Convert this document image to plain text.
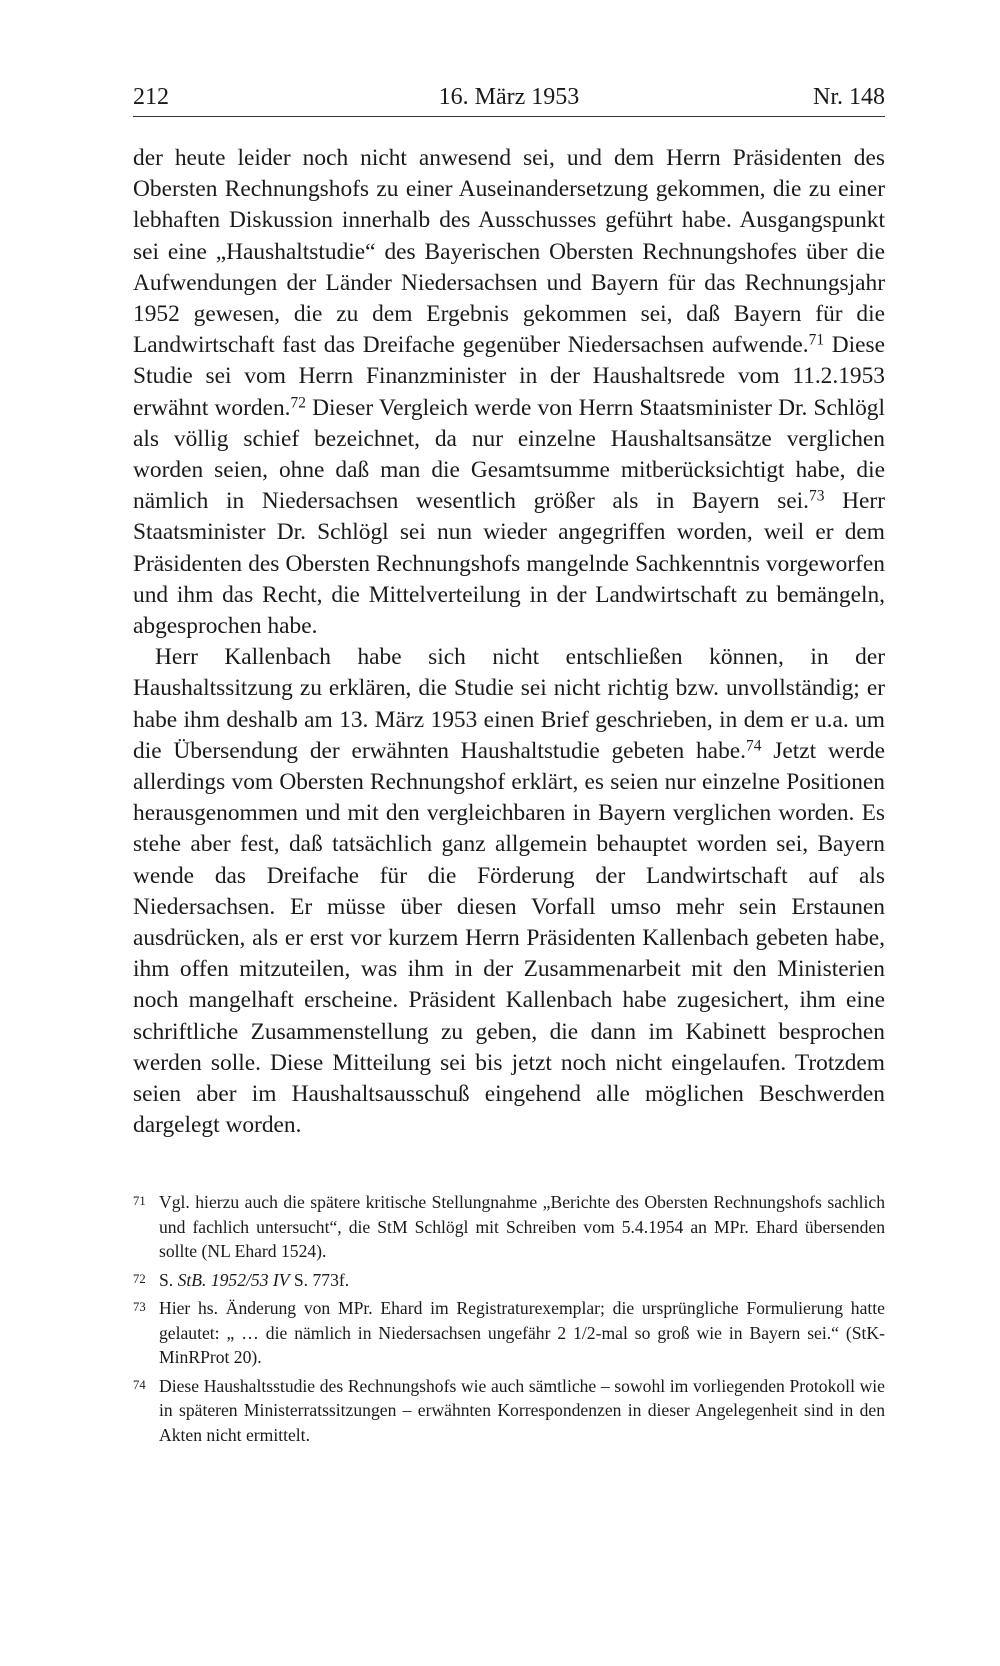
212	16. März 1953	Nr. 148

der heute leider noch nicht anwesend sei, und dem Herrn Präsidenten des Obersten Rechnungshofs zu einer Auseinandersetzung gekommen, die zu einer lebhaften Diskussion innerhalb des Ausschusses geführt habe. Ausgangspunkt sei eine „Haushaltstudie“ des Bayerischen Obersten Rechnungshofes über die Aufwendungen der Länder Niedersachsen und Bayern für das Rechnungsjahr 1952 gewesen, die zu dem Ergebnis gekommen sei, daß Bayern für die Landwirtschaft fast das Dreifache gegenüber Niedersachsen aufwende.$^{71}$ Diese Studie sei vom Herrn Finanzminister in der Haushaltsrede vom 11.2.1953 erwähnt worden.$^{72}$ Dieser Vergleich werde von Herrn Staatsminister Dr. Schlögl als völlig schief bezeichnet, da nur einzelne Haushaltsansätze verglichen worden seien, ohne daß man die Gesamtsumme mitberücksichtigt habe, die nämlich in Niedersachsen wesentlich größer als in Bayern sei.$^{73}$ Herr Staatsminister Dr. Schlögl sei nun wieder angegriffen worden, weil er dem Präsidenten des Obersten Rechnungshofs mangelnde Sachkenntnis vorgeworfen und ihm das Recht, die Mittelverteilung in der Landwirtschaft zu bemängeln, abgesprochen habe.

Herr Kallenbach habe sich nicht entschließen können, in der Haushaltssitzung zu erklären, die Studie sei nicht richtig bzw. unvollständig; er habe ihm deshalb am 13. März 1953 einen Brief geschrieben, in dem er u.a. um die Übersendung der erwähnten Haushaltstudie gebeten habe.$^{74}$ Jetzt werde allerdings vom Obersten Rechnungshof erklärt, es seien nur einzelne Positionen herausgenommen und mit den vergleichbaren in Bayern verglichen worden. Es stehe aber fest, daß tatsächlich ganz allgemein behauptet worden sei, Bayern wende das Dreifache für die Förderung der Landwirtschaft auf als Niedersachsen. Er müsse über diesen Vorfall umso mehr sein Erstaunen ausdrücken, als er erst vor kurzem Herrn Präsidenten Kallenbach gebeten habe, ihm offen mitzuteilen, was ihm in der Zusammenarbeit mit den Ministerien noch mangelhaft erscheine. Präsident Kallenbach habe zugesichert, ihm eine schriftliche Zusammenstellung zu geben, die dann im Kabinett besprochen werden solle. Diese Mitteilung sei bis jetzt noch nicht eingelaufen. Trotzdem seien aber im Haushaltsausschuß eingehend alle möglichen Beschwerden dargelegt worden.

71 Vgl. hierzu auch die spätere kritische Stellungnahme „Berichte des Obersten Rechnungshofs sachlich und fachlich untersucht“, die StM Schlögl mit Schreiben vom 5.4.1954 an MPr. Ehard übersenden sollte (NL Ehard 1524).
72 S. StB. 1952/53 IV S. 773f.
73 Hier hs. Änderung von MPr. Ehard im Registraturexemplar; die ursprüngliche Formulierung hatte gelautet: „ … die nämlich in Niedersachsen ungefähr 2 1/2-mal so groß wie in Bayern sei.“ (StK-MinRProt 20).
74 Diese Haushaltsstudie des Rechnungshofs wie auch sämtliche – sowohl im vorliegenden Protokoll wie in späteren Ministerratssitzungen – erwähnten Korrespondenzen in dieser Angelegenheit sind in den Akten nicht ermittelt.
